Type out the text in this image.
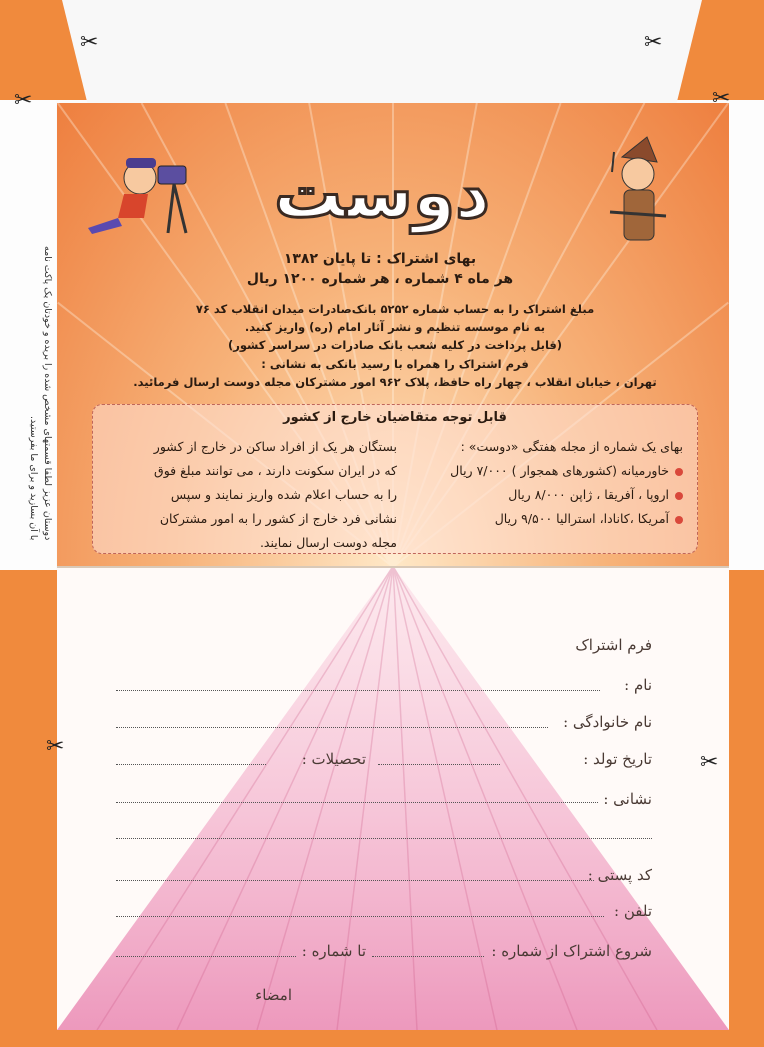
دوستان عزیز لطفا قسمتهای مشخص شده را بریده و خودتان یک پاکت نامه با آن بسازید و برای ما بفرستید.
دوست
بهای اشتراک : تا پایان ۱۳۸۲
هر ماه ۴ شماره ، هر شماره ۱۲۰۰ ریال
مبلغ اشتراک را به حساب شماره ۵۲۵۲ بانک‌صادرات میدان انقلاب کد ۷۶
به نام موسسه تنظیم و نشر آثار امام (ره) واریز کنید.
(قابل پرداخت در کلیه شعب بانک صادرات در سراسر کشور)
فرم اشتراک را همراه با رسید بانکی به نشانی :
تهران ، خیابان انقلاب ، چهار راه حافظ، پلاک ۹۶۲ امور مشترکان مجله دوست ارسال فرمائید.
قابل توجه متقاضیان خارج از کشور
بهای یک شماره از مجله هفتگی «دوست» :
خاورمیانه (کشورهای همجوار ) ۷/۰۰۰ ریال
اروپا ، آفریقا ، ژاپن ۸/۰۰۰ ریال
آمریکا ،کانادا، استرالیا ۹/۵۰۰ ریال
بستگان هر یک از افراد ساکن در خارج از کشور
که در ایران سکونت دارند ، می توانند مبلغ فوق
را به حساب اعلام شده واریز نمایند و سپس
نشانی فرد خارج از کشور را به امور مشترکان
مجله دوست ارسال نمایند.
فرم اشتراک
نام :
نام خانوادگی :
تاریخ تولد :
تحصیلات :
نشانی :
کد پستی :
تلفن :
شروع اشتراک از شماره :
تا شماره :
امضاء
✂	✂
✂	✂
✂
✂
